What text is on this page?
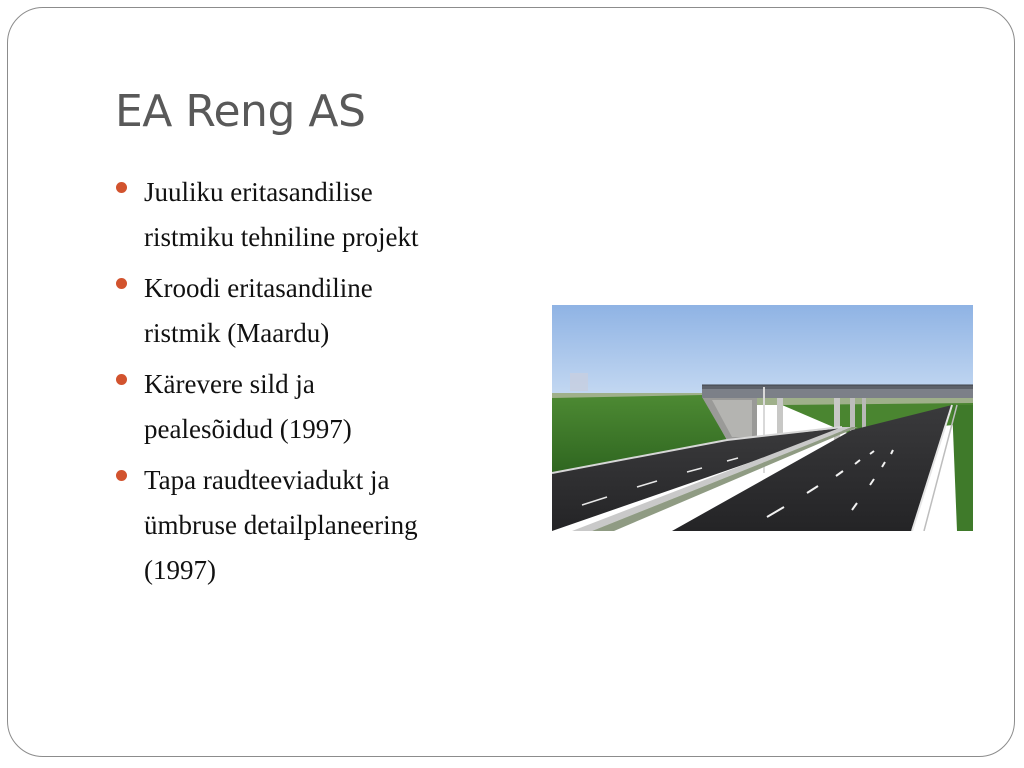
EA Reng AS
Juuliku eritasandilise
ristmiku tehniline projekt
Kroodi eritasandiline
ristmik (Maardu)
Kärevere sild ja
pealesõidud (1997)
Tapa raudteeviadukt ja
ümbruse detailplaneering
(1997)
